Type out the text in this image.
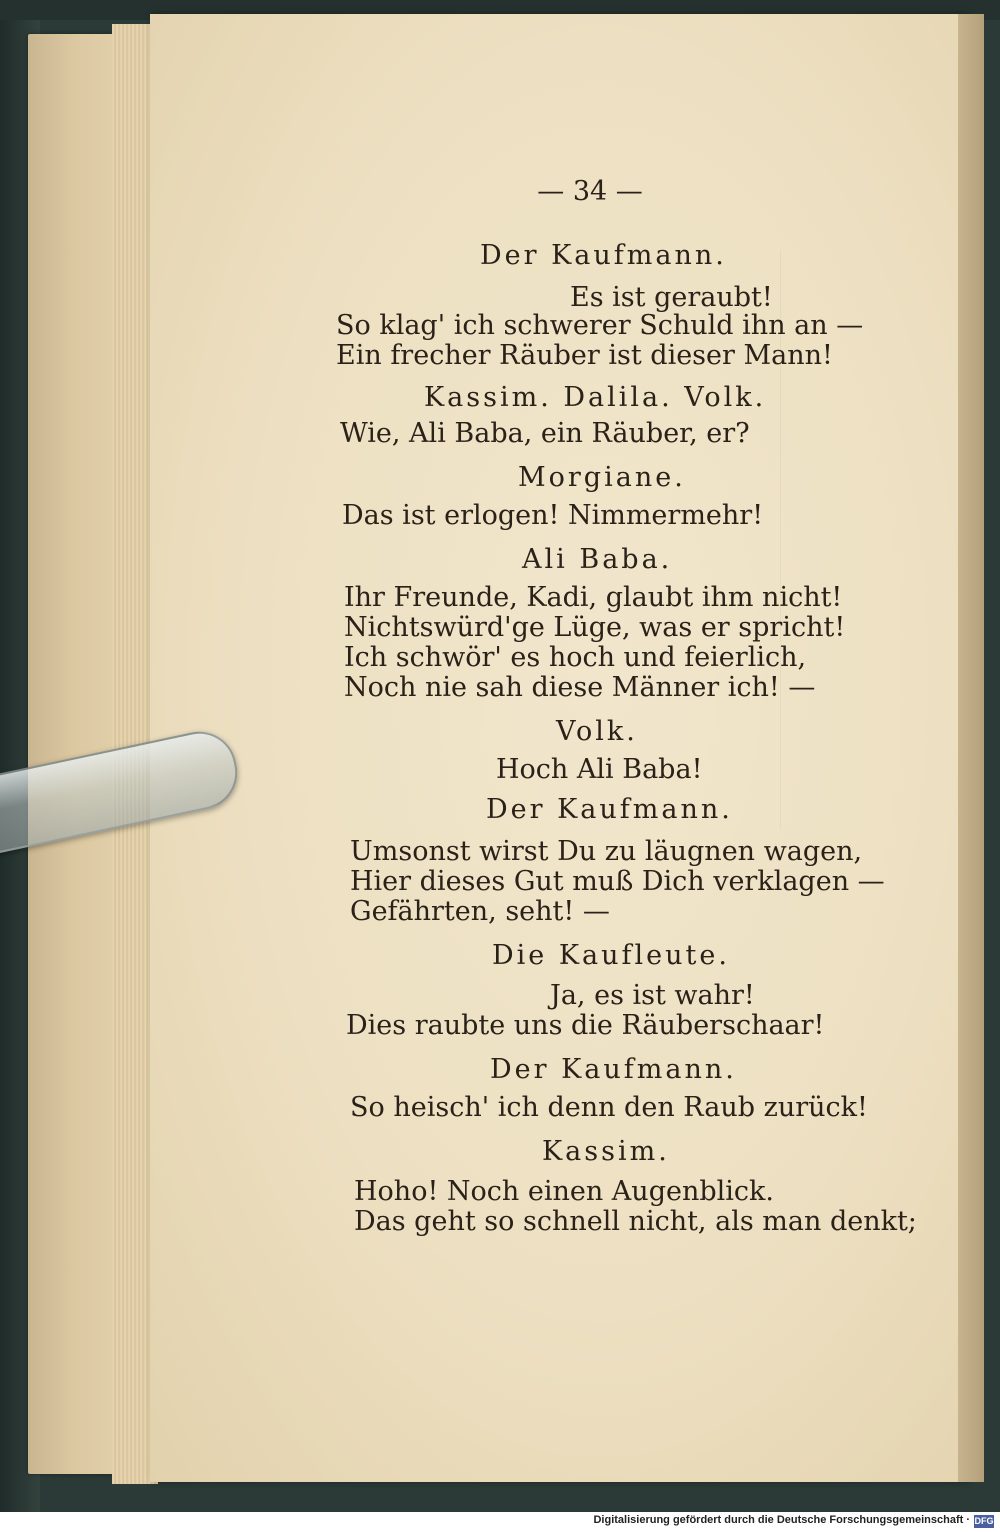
— 34 —
Der Kaufmann.
Es ist geraubt!
So klag' ich schwerer Schuld ihn an —
Ein frecher Räuber ist dieser Mann!
Kassim. Dalila. Volk.
Wie, Ali Baba, ein Räuber, er?
Morgiane.
Das ist erlogen! Nimmermehr!
Ali Baba.
Ihr Freunde, Kadi, glaubt ihm nicht!
Nichtswürd'ge Lüge, was er spricht!
Ich schwör' es hoch und feierlich,
Noch nie sah diese Männer ich! —
Volk.
Hoch Ali Baba!
Der Kaufmann.
Umsonst wirst Du zu läugnen wagen,
Hier dieses Gut muß Dich verklagen —
Gefährten, seht! —
Die Kaufleute.
Ja, es ist wahr!
Dies raubte uns die Räuberschaar!
Der Kaufmann.
So heisch' ich denn den Raub zurück!
Kassim.
Hoho! Noch einen Augenblick.
Das geht so schnell nicht, als man denkt;
Digitalisierung gefördert durch die Deutsche Forschungsgemeinschaft · DFG
